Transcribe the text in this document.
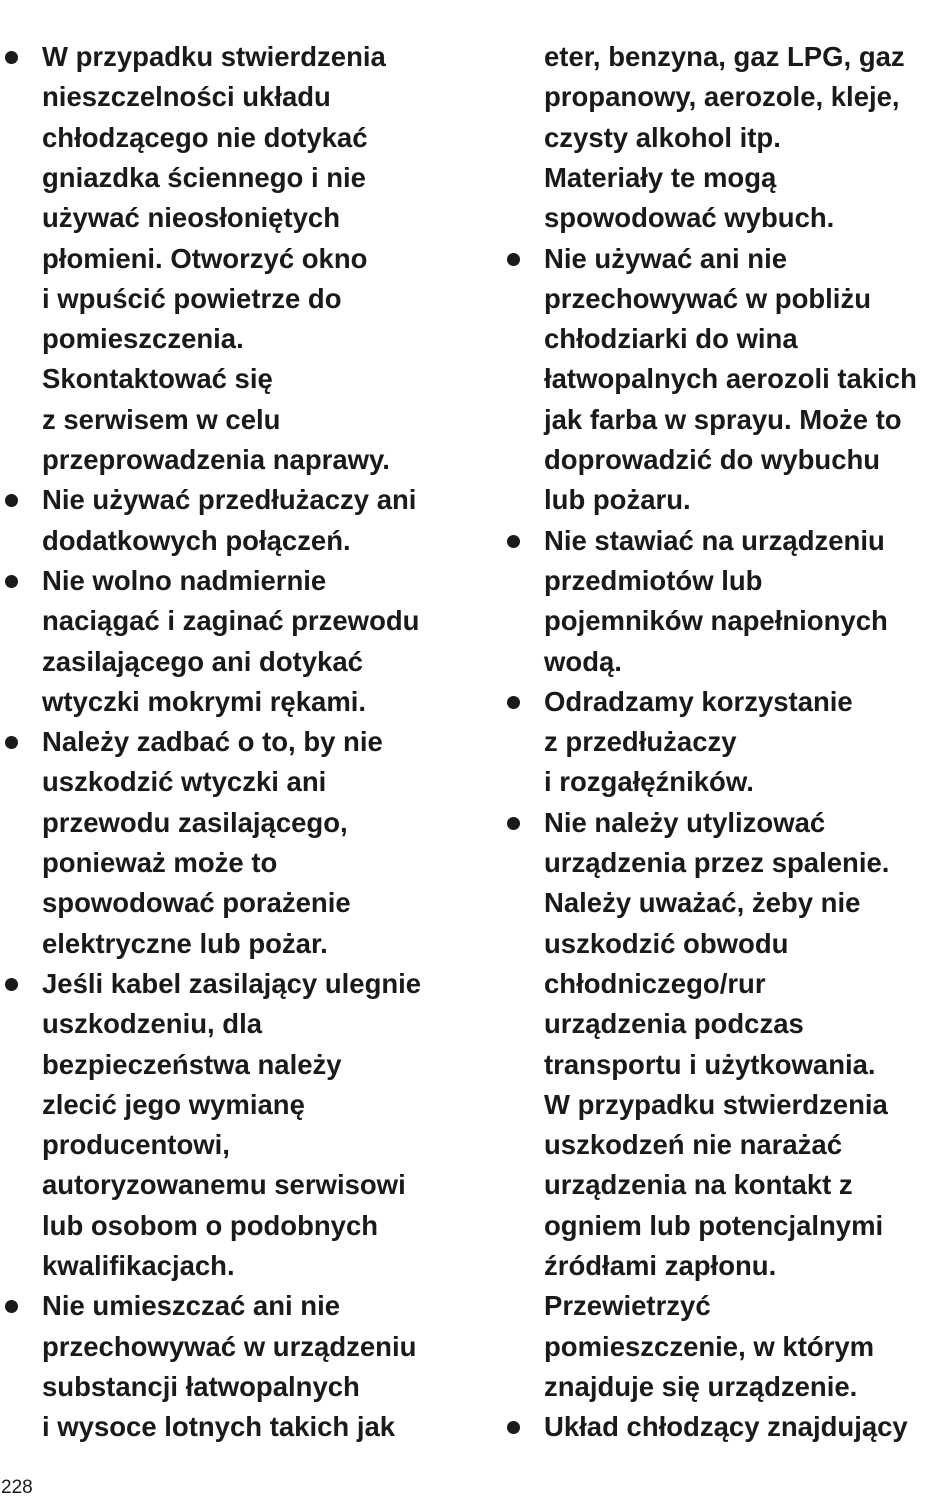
W przypadku stwierdzenia
nieszczelności układu
chłodzącego nie dotykać
gniazdka ściennego i nie
używać nieosłoniętych
płomieni. Otworzyć okno
i wpuścić powietrze do
pomieszczenia.
Skontaktować się
z serwisem w celu
przeprowadzenia naprawy.
Nie używać przedłużaczy ani
dodatkowych połączeń.
Nie wolno nadmiernie
naciągać i zaginać przewodu
zasilającego ani dotykać
wtyczki mokrymi rękami.
Należy zadbać o to, by nie
uszkodzić wtyczki ani
przewodu zasilającego,
ponieważ może to
spowodować porażenie
elektryczne lub pożar.
Jeśli kabel zasilający ulegnie
uszkodzeniu, dla
bezpieczeństwa należy
zlecić jego wymianę
producentowi,
autoryzowanemu serwisowi
lub osobom o podobnych
kwalifikacjach.
Nie umieszczać ani nie
przechowywać w urządzeniu
substancji łatwopalnych
i wysoce lotnych takich jak
eter, benzyna, gaz LPG, gaz
propanowy, aerozole, kleje,
czysty alkohol itp.
Materiały te mogą
spowodować wybuch.
Nie używać ani nie
przechowywać w pobliżu
chłodziarki do wina
łatwopalnych aerozoli takich
jak farba w sprayu. Może to
doprowadzić do wybuchu
lub pożaru.
Nie stawiać na urządzeniu
przedmiotów lub
pojemników napełnionych
wodą.
Odradzamy korzystanie
z przedłużaczy
i rozgałęźników.
Nie należy utylizować
urządzenia przez spalenie.
Należy uważać, żeby nie
uszkodzić obwodu
chłodniczego/rur
urządzenia podczas
transportu i użytkowania.
W przypadku stwierdzenia
uszkodzeń nie narażać
urządzenia na kontakt z
ogniem lub potencjalnymi
źródłami zapłonu.
Przewietrzyć
pomieszczenie, w którym
znajduje się urządzenie.
Układ chłodzący znajdujący
228
